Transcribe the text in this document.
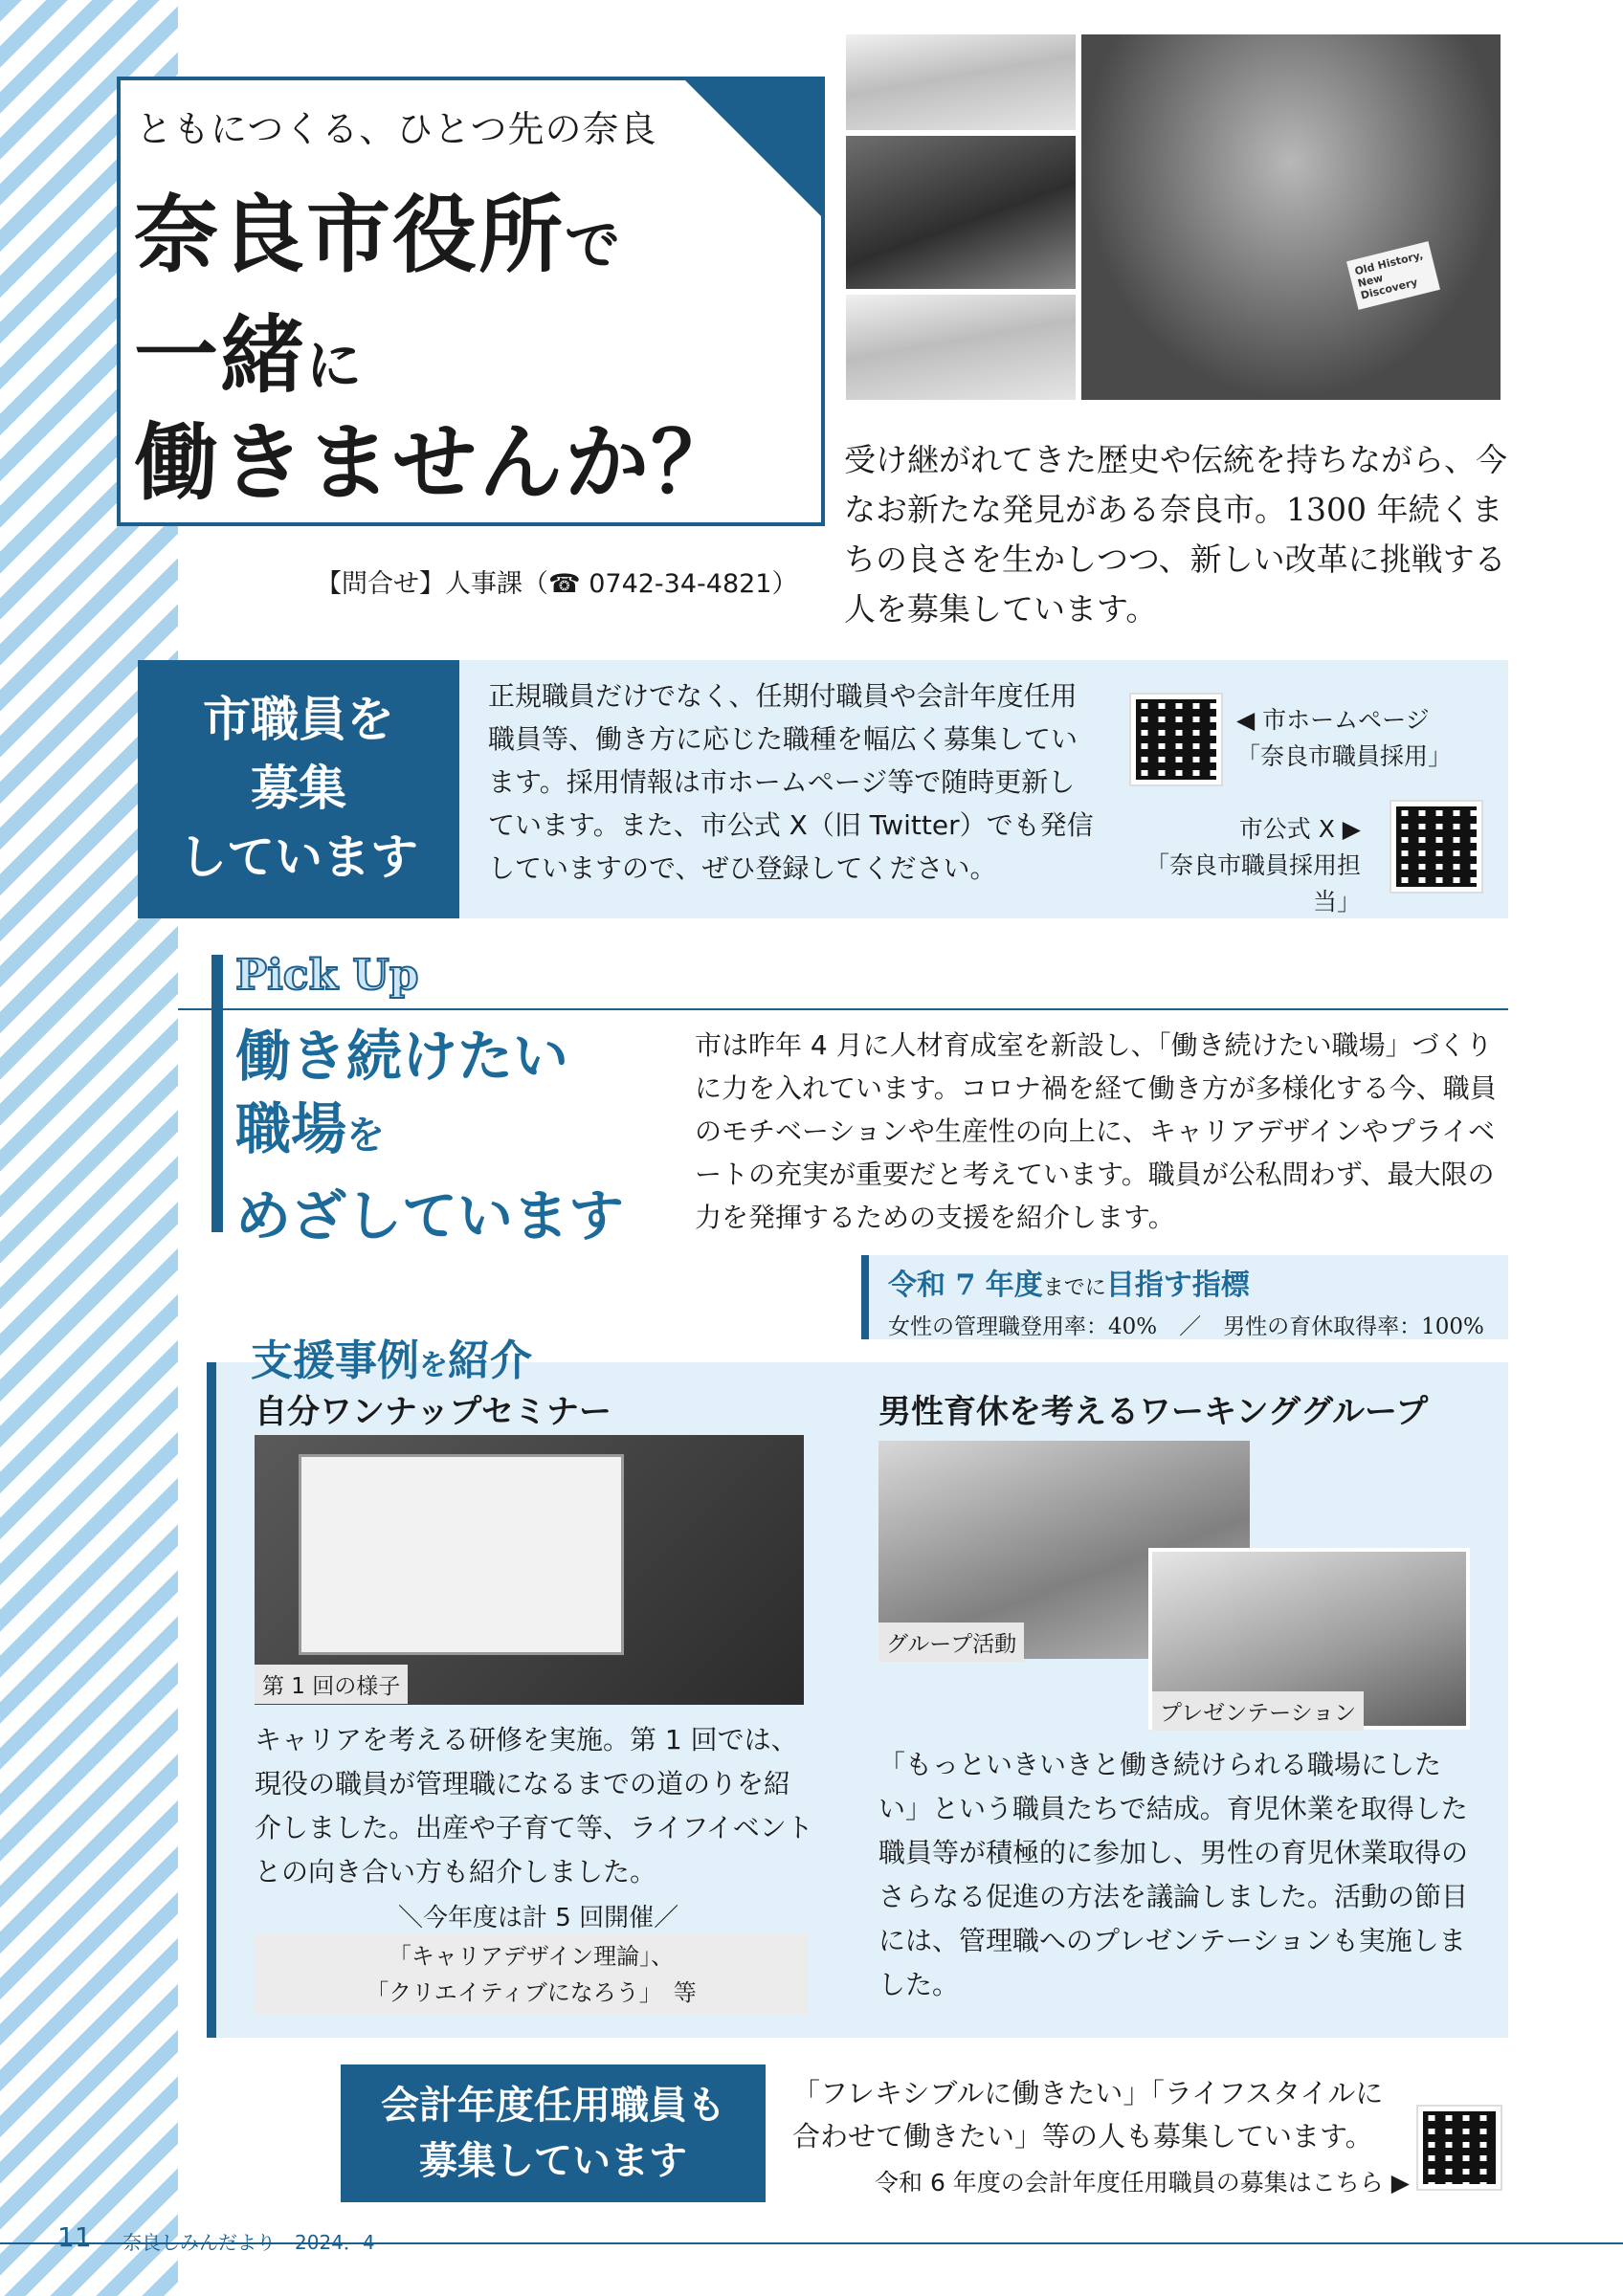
ともにつくる、ひとつ先の奈良
奈良市役所で
一緒に
働きませんか？
Old History, New Discovery
受け継がれてきた歴史や伝統を持ちながら、今なお新たな発見がある奈良市。1300 年続くまちの良さを生かしつつ、新しい改革に挑戦する人を募集しています。
【問合せ】人事課（☎ 0742-34-4821）
市職員を
募集
しています
正規職員だけでなく、任期付職員や会計年度任用職員等、働き方に応じた職種を幅広く募集しています。採用情報は市ホームページ等で随時更新しています。また、市公式 X（旧 Twitter）でも発信していますので、ぜひ登録してください。
◀ 市ホームページ
「奈良市職員採用」
市公式 X ▶
「奈良市職員採用担当」
Pick Up
働き続けたい
職場を
めざしています
市は昨年 4 月に人材育成室を新設し、「働き続けたい職場」づくりに力を入れています。コロナ禍を経て働き方が多様化する今、職員のモチベーションや生産性の向上に、キャリアデザインやプライベートの充実が重要だと考えています。職員が公私問わず、最大限の力を発揮するための支援を紹介します。
令和 7 年度までに目指す指標
女性の管理職登用率：40%　／　男性の育休取得率：100%
支援事例を紹介
自分ワンナップセミナー
第 1 回の様子
キャリアを考える研修を実施。第 1 回では、現役の職員が管理職になるまでの道のりを紹介しました。出産や子育て等、ライフイベントとの向き合い方も紹介しました。
＼今年度は計 5 回開催／
「キャリアデザイン理論」、
「クリエイティブになろう」　等
男性育休を考えるワーキンググループ
グループ活動
プレゼンテーション
「もっといきいきと働き続けられる職場にしたい」という職員たちで結成。育児休業を取得した職員等が積極的に参加し、男性の育児休業取得のさらなる促進の方法を議論しました。活動の節目には、管理職へのプレゼンテーションも実施しました。
会計年度任用職員も
募集しています
「フレキシブルに働きたい」「ライフスタイルに
合わせて働きたい」等の人も募集しています。
令和 6 年度の会計年度任用職員の募集はこちら ▶
11 奈良しみんだより　2024．4
